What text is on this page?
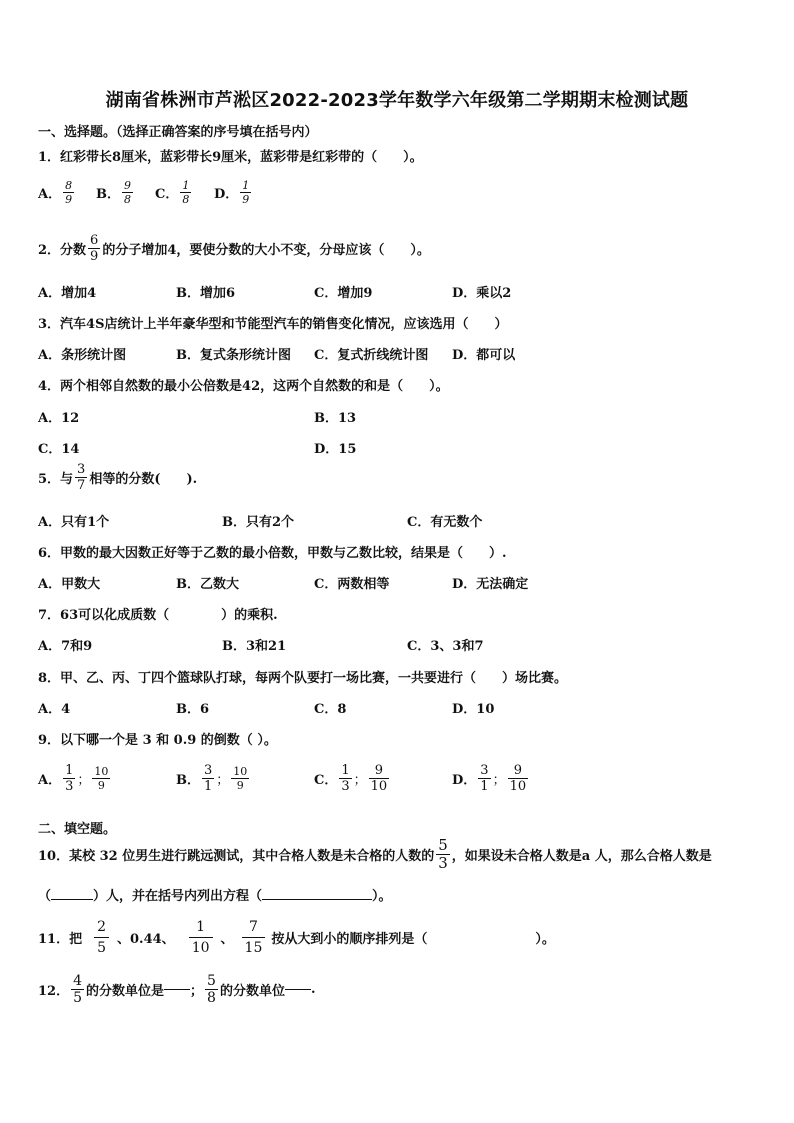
湖南省株洲市芦淞区2022-2023学年数学六年级第二学期期末检测试题
一、选择题。（选择正确答案的序号填在括号内）
1．红彩带长8厘米，蓝彩带长9厘米，蓝彩带是红彩带的（　　）。
A． $\frac{8}{9}$ B． $\frac{9}{8}$ C． $\frac{1}{8}$ D． $\frac{1}{9}$
2．分数 $\frac{6}{9}$ 的分子增加4，要使分数的大小不变，分母应该（　　）。
A．增加4	B．增加6	C．增加9	D．乘以2
3．汽车4S店统计上半年豪华型和节能型汽车的销售变化情况，应该选用（　　）
A．条形统计图	B．复式条形统计图 C．复式折线统计图 D．都可以
4．两个相邻自然数的最小公倍数是42，这两个自然数的和是（　　）。
A．12	B．13
C．14	D．15
5．与 $\frac{3}{7}$ 相等的分数(　　).
A．只有1个	B．只有2个	C．有无数个
6．甲数的最大因数正好等于乙数的最小倍数，甲数与乙数比较，结果是（　　）.
A．甲数大	B．乙数大	C．两数相等	D．无法确定
7．63可以化成质数（　　　　）的乘积.
A．7和9	B．3和21	C．3、3和7
8．甲、乙、丙、丁四个篮球队打球，每两个队要打一场比赛，一共要进行（　　）场比赛。
A．4	B．6	C．8	D．10
9．以下哪一个是 3 和 0.9 的倒数（ ）。
A． $\frac{1}{3}$ ； $\frac{10}{9}$	B． $\frac{3}{1}$ ； $\frac{10}{9}$	C． $\frac{1}{3}$ ； $\frac{9}{10}$	D． $\frac{3}{1}$ ； $\frac{9}{10}$
二、填空题。
10．某校 32 位男生进行跳远测试，其中合格人数是未合格的人数的 $\frac{5}{3}$ ，如果设未合格人数是a 人，那么合格人数是
（	）人，并在括号内列出方程（	）。
11．把 $\frac{2}{5}$ 、0.44、 $\frac{1}{10}$ 、 $\frac{7}{15}$ 按从大到小的顺序排列是（	）。
12． $\frac{4}{5}$ 的分数单位是 ； $\frac{5}{8}$ 的分数单位 .
